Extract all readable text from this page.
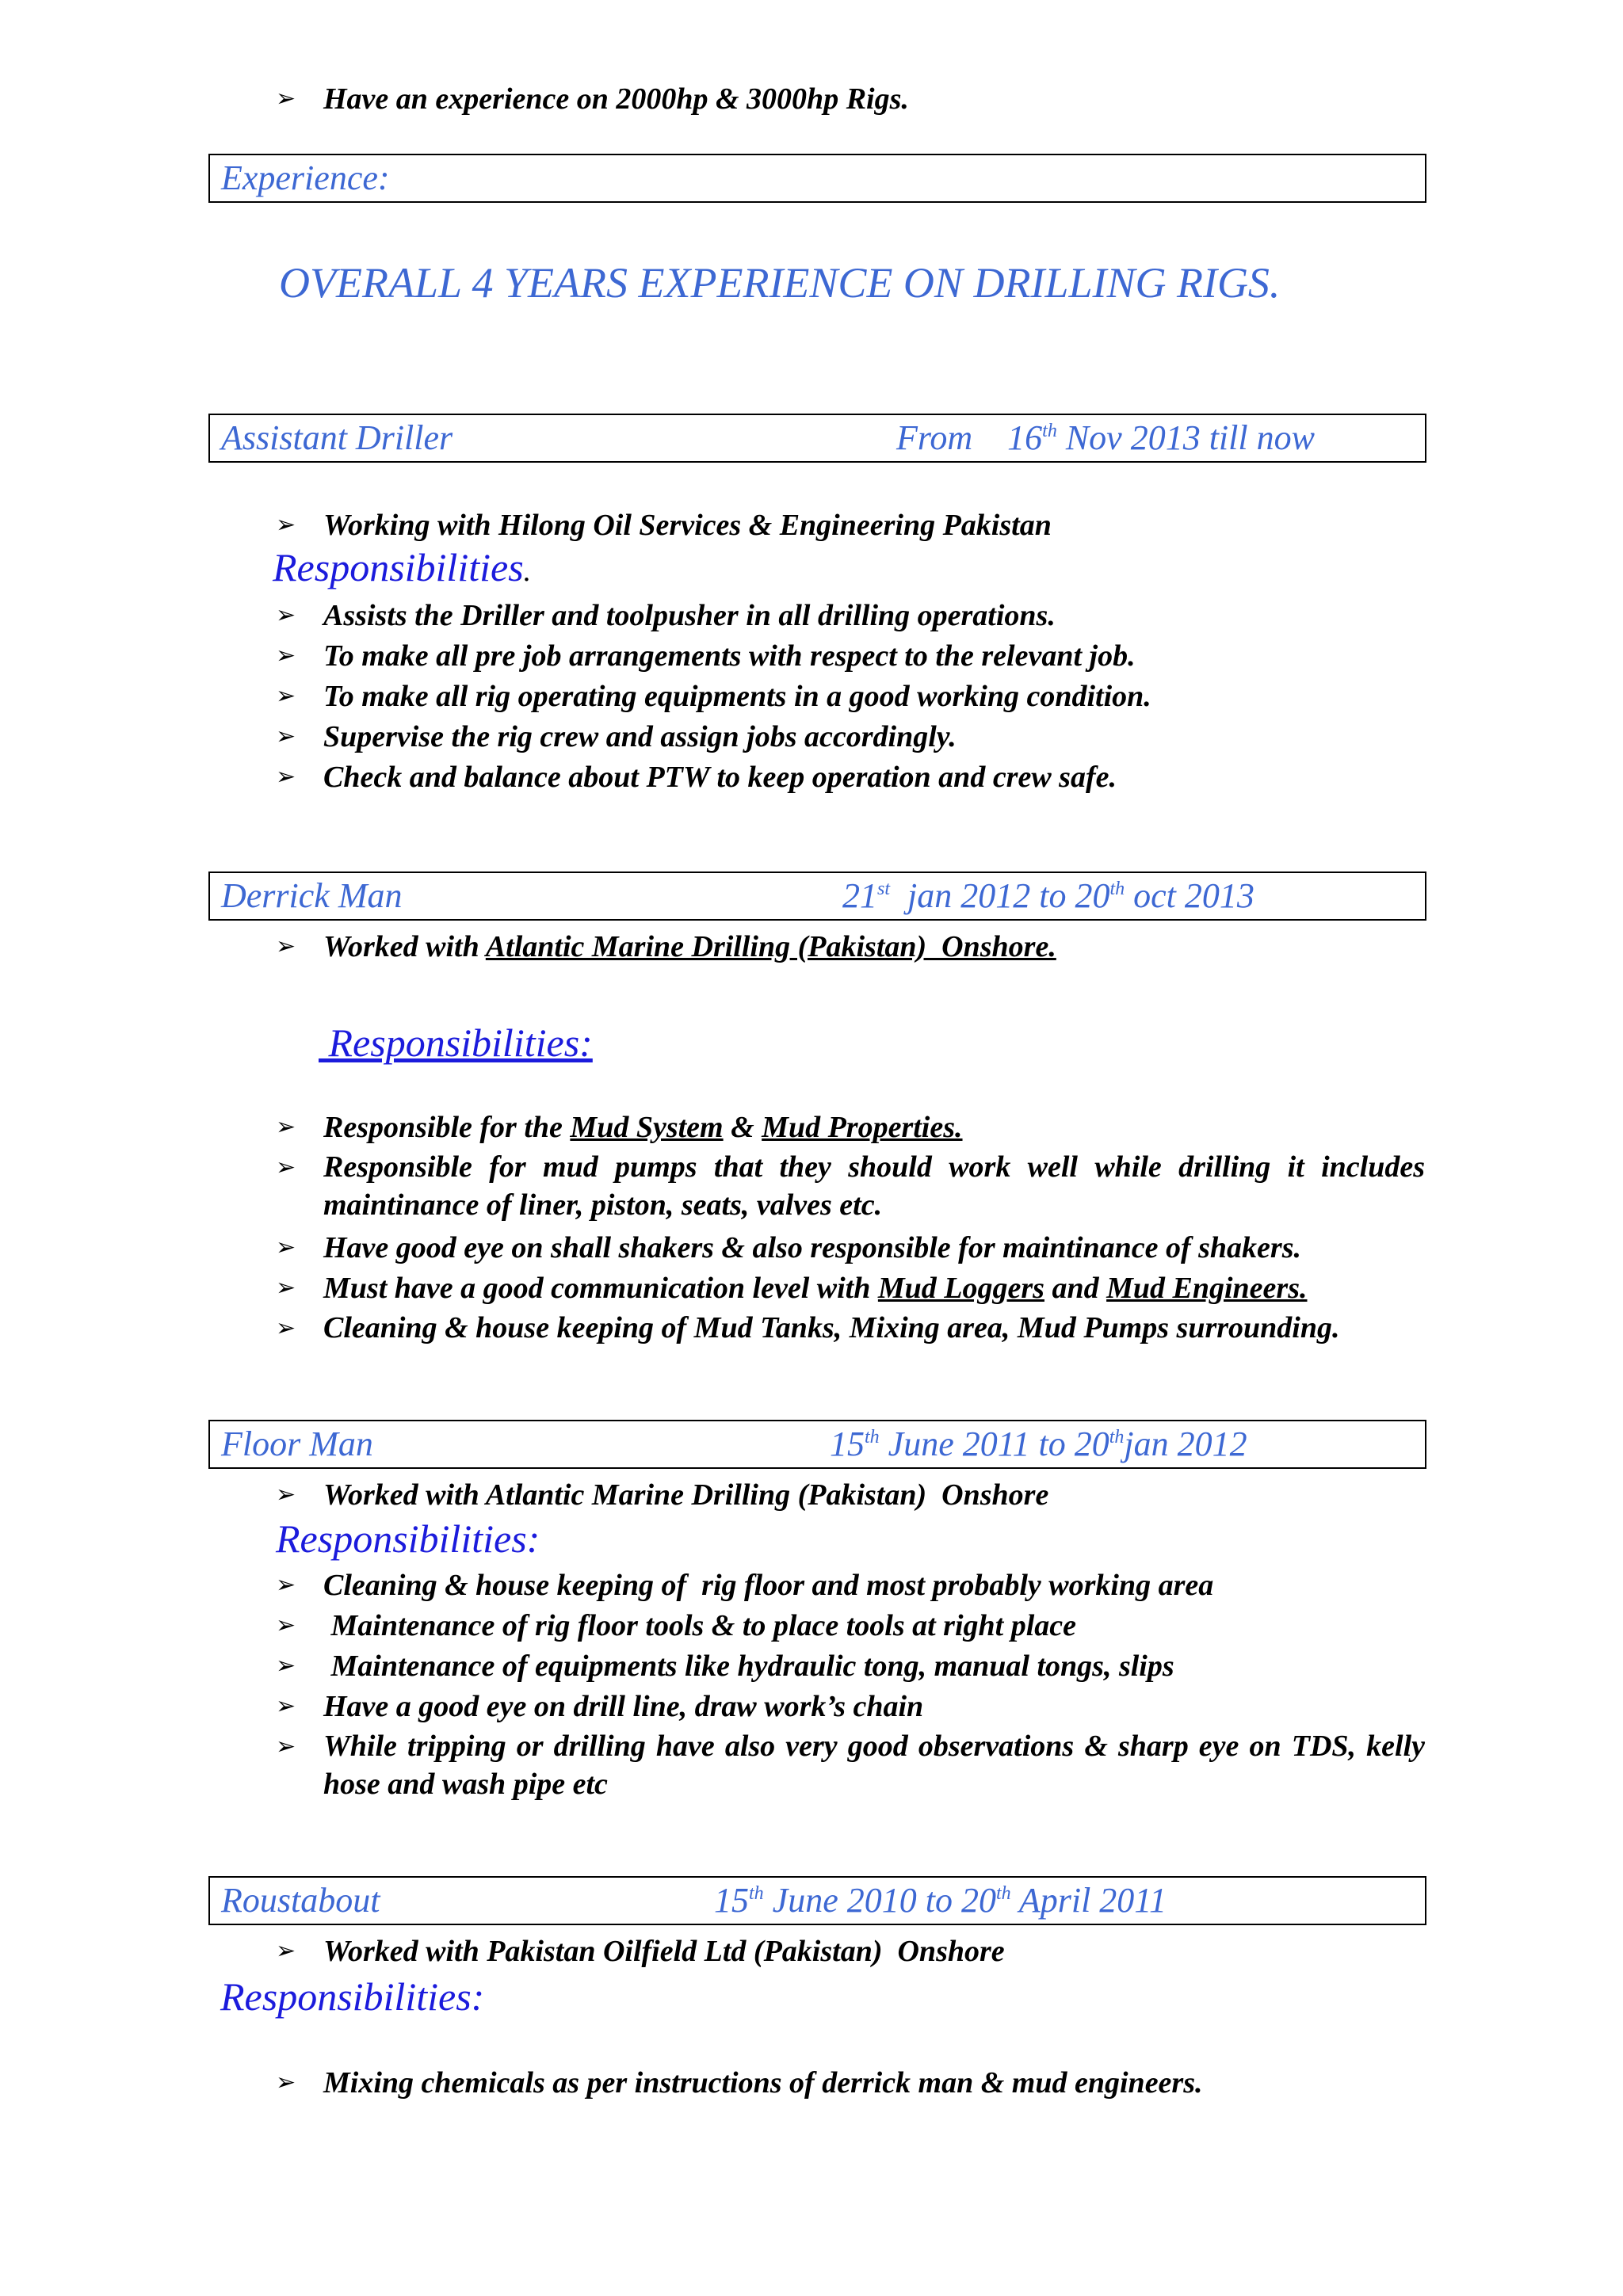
➢ Have an experience on 2000hp & 3000hp Rigs.
Experience:
OVERALL 4 YEARS EXPERIENCE ON DRILLING RIGS.
Assistant Driller	From 16th Nov 2013 till now
➢ Working with Hilong Oil Services & Engineering Pakistan
Responsibilities.
➢ Assists the Driller and toolpusher in all drilling operations.
➢ To make all pre job arrangements with respect to the relevant job.
➢ To make all rig operating equipments in a good working condition.
➢ Supervise the rig crew and assign jobs accordingly.
➢ Check and balance about PTW to keep operation and crew safe.
Derrick Man	21st  jan 2012 to 20th oct 2013
➢ Worked with Atlantic Marine Drilling (Pakistan)  Onshore.
Responsibilities:
➢ Responsible for the Mud System & Mud Properties.
➢ Responsible for mud pumps that they should work well while drilling it includes maintinance of liner, piston, seats, valves etc.
➢ Have good eye on shall shakers & also responsible for maintinance of shakers.
➢ Must have a good communication level with Mud Loggers and Mud Engineers.
➢ Cleaning & house keeping of Mud Tanks, Mixing area, Mud Pumps surrounding.
Floor Man	15th June 2011 to 20thjan 2012
➢ Worked with Atlantic Marine Drilling (Pakistan)  Onshore
Responsibilities:
➢ Cleaning & house keeping of  rig floor and most probably working area
➢ Maintenance of rig floor tools & to place tools at right place
➢ Maintenance of equipments like hydraulic tong, manual tongs, slips
➢ Have a good eye on drill line, draw work’s chain
➢ While tripping or drilling have also very good observations & sharp eye on TDS, kelly hose and wash pipe etc
Roustabout	15th June 2010 to 20th April 2011
➢ Worked with Pakistan Oilfield Ltd (Pakistan)  Onshore
Responsibilities:
➢ Mixing chemicals as per instructions of derrick man & mud engineers.
